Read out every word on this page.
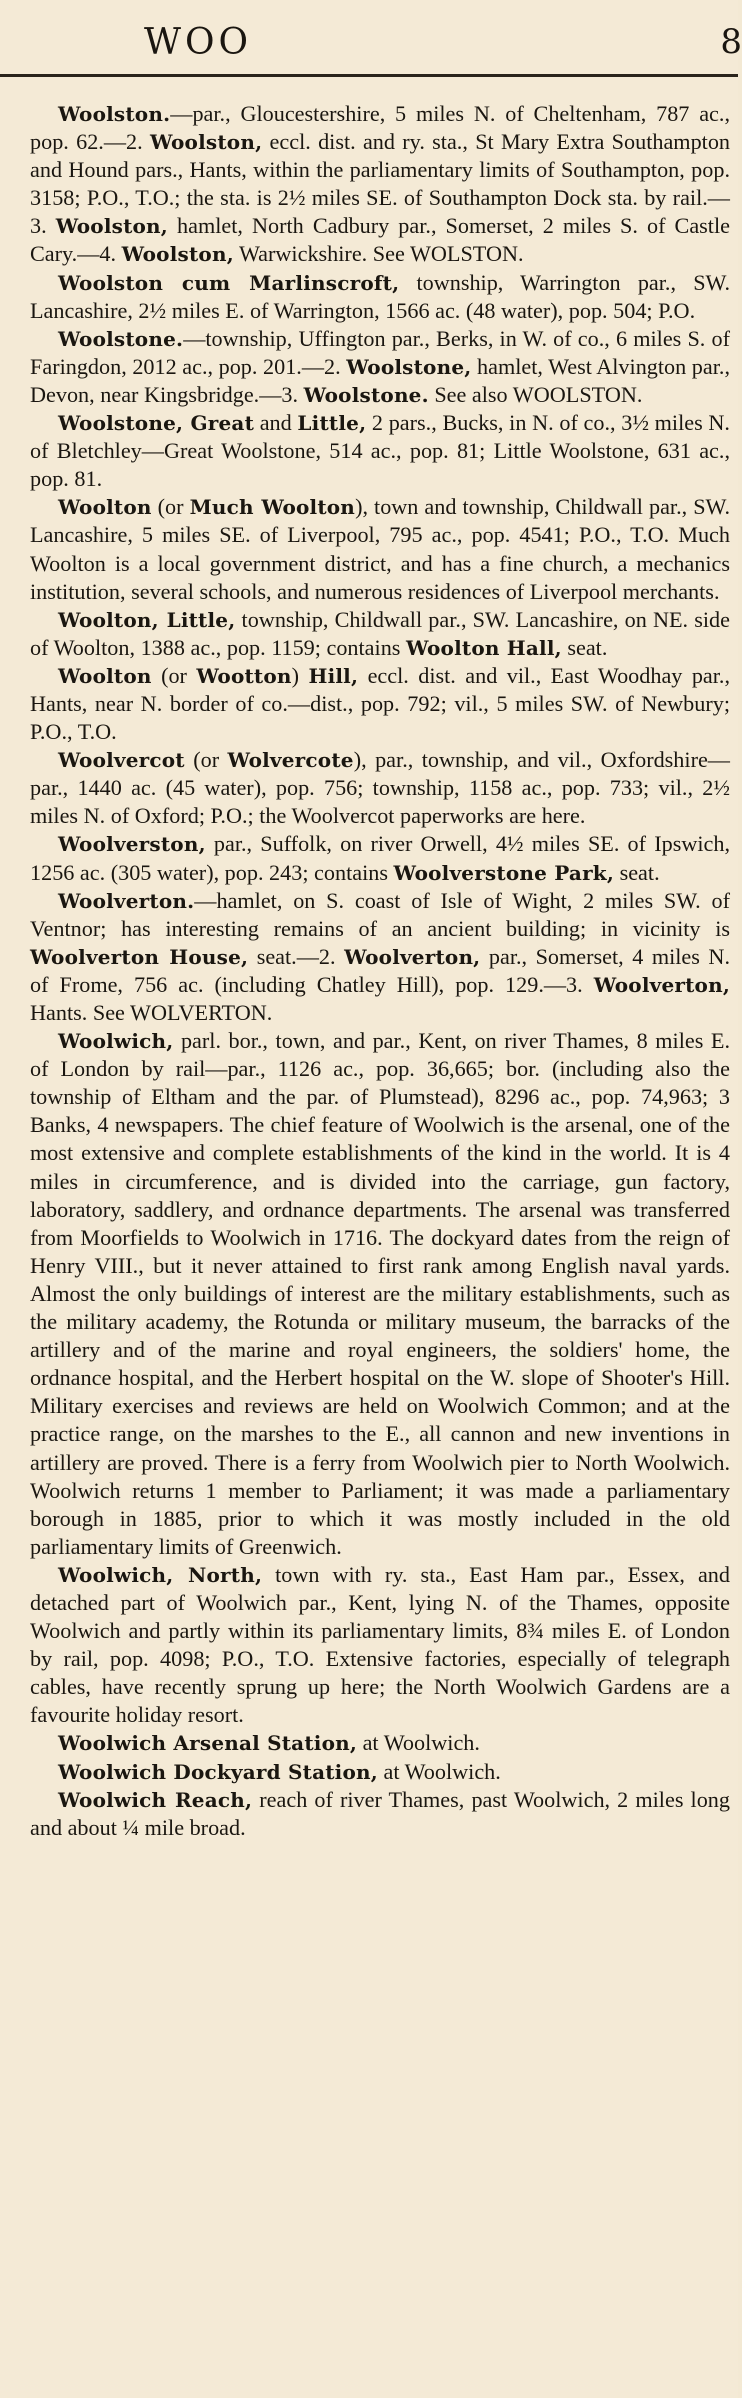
WOO	8

Woolston.—par., Gloucestershire, 5 miles N. of Cheltenham, 787 ac., pop. 62.—2. Woolston, eccl. dist. and ry. sta., St Mary Extra Southampton and Hound pars., Hants, within the parliamentary limits of Southampton, pop. 3158; P.O., T.O.; the sta. is 2½ miles SE. of Southampton Dock sta. by rail.—3. Woolston, hamlet, North Cadbury par., Somerset, 2 miles S. of Castle Cary.—4. Woolston, Warwickshire. See WOLSTON.

Woolston cum Marlinscroft, township, Warrington par., SW. Lancashire, 2½ miles E. of Warrington, 1566 ac. (48 water), pop. 504; P.O.

Woolstone.—township, Uffington par., Berks, in W. of co., 6 miles S. of Faringdon, 2012 ac., pop. 201.—2. Woolstone, hamlet, West Alvington par., Devon, near Kingsbridge.—3. Woolstone. See also WOOLSTON.

Woolstone, Great and Little, 2 pars., Bucks, in N. of co., 3½ miles N. of Bletchley—Great Woolstone, 514 ac., pop. 81; Little Woolstone, 631 ac., pop. 81.

Woolton (or Much Woolton), town and township, Childwall par., SW. Lancashire, 5 miles SE. of Liverpool, 795 ac., pop. 4541; P.O., T.O. Much Woolton is a local government district, and has a fine church, a mechanics institution, several schools, and numerous residences of Liverpool merchants.

Woolton, Little, township, Childwall par., SW. Lancashire, on NE. side of Woolton, 1388 ac., pop. 1159; contains Woolton Hall, seat.

Woolton (or Wootton) Hill, eccl. dist. and vil., East Woodhay par., Hants, near N. border of co.—dist., pop. 792; vil., 5 miles SW. of Newbury; P.O., T.O.

Woolvercot (or Wolvercote), par., township, and vil., Oxfordshire—par., 1440 ac. (45 water), pop. 756; township, 1158 ac., pop. 733; vil., 2½ miles N. of Oxford; P.O.; the Woolvercot paperworks are here.

Woolverston, par., Suffolk, on river Orwell, 4½ miles SE. of Ipswich, 1256 ac. (305 water), pop. 243; contains Woolverstone Park, seat.

Woolverton.—hamlet, on S. coast of Isle of Wight, 2 miles SW. of Ventnor; has interesting remains of an ancient building; in vicinity is Woolverton House, seat.—2. Woolverton, par., Somerset, 4 miles N. of Frome, 756 ac. (including Chatley Hill), pop. 129.—3. Woolverton, Hants. See WOLVERTON.

Woolwich, parl. bor., town, and par., Kent, on river Thames, 8 miles E. of London by rail—par., 1126 ac., pop. 36,665; bor. (including also the township of Eltham and the par. of Plumstead), 8296 ac., pop. 74,963; 3 Banks, 4 newspapers. The chief feature of Woolwich is the arsenal, one of the most extensive and complete establishments of the kind in the world. It is 4 miles in circumference, and is divided into the carriage, gun factory, laboratory, saddlery, and ordnance departments. The arsenal was transferred from Moorfields to Woolwich in 1716. The dockyard dates from the reign of Henry VIII., but it never attained to first rank among English naval yards. Almost the only buildings of interest are the military establishments, such as the military academy, the Rotunda or military museum, the barracks of the artillery and of the marine and royal engineers, the soldiers' home, the ordnance hospital, and the Herbert hospital on the W. slope of Shooter's Hill. Military exercises and reviews are held on Woolwich Common; and at the practice range, on the marshes to the E., all cannon and new inventions in artillery are proved. There is a ferry from Woolwich pier to North Woolwich. Woolwich returns 1 member to Parliament; it was made a parliamentary borough in 1885, prior to which it was mostly included in the old parliamentary limits of Greenwich.

Woolwich, North, town with ry. sta., East Ham par., Essex, and detached part of Woolwich par., Kent, lying N. of the Thames, opposite Woolwich and partly within its parliamentary limits, 8¾ miles E. of London by rail, pop. 4098; P.O., T.O. Extensive factories, especially of telegraph cables, have recently sprung up here; the North Woolwich Gardens are a favourite holiday resort.

Woolwich Arsenal Station, at Woolwich.

Woolwich Dockyard Station, at Woolwich.

Woolwich Reach, reach of river Thames, past Woolwich, 2 miles long and about ¼ mile broad.
